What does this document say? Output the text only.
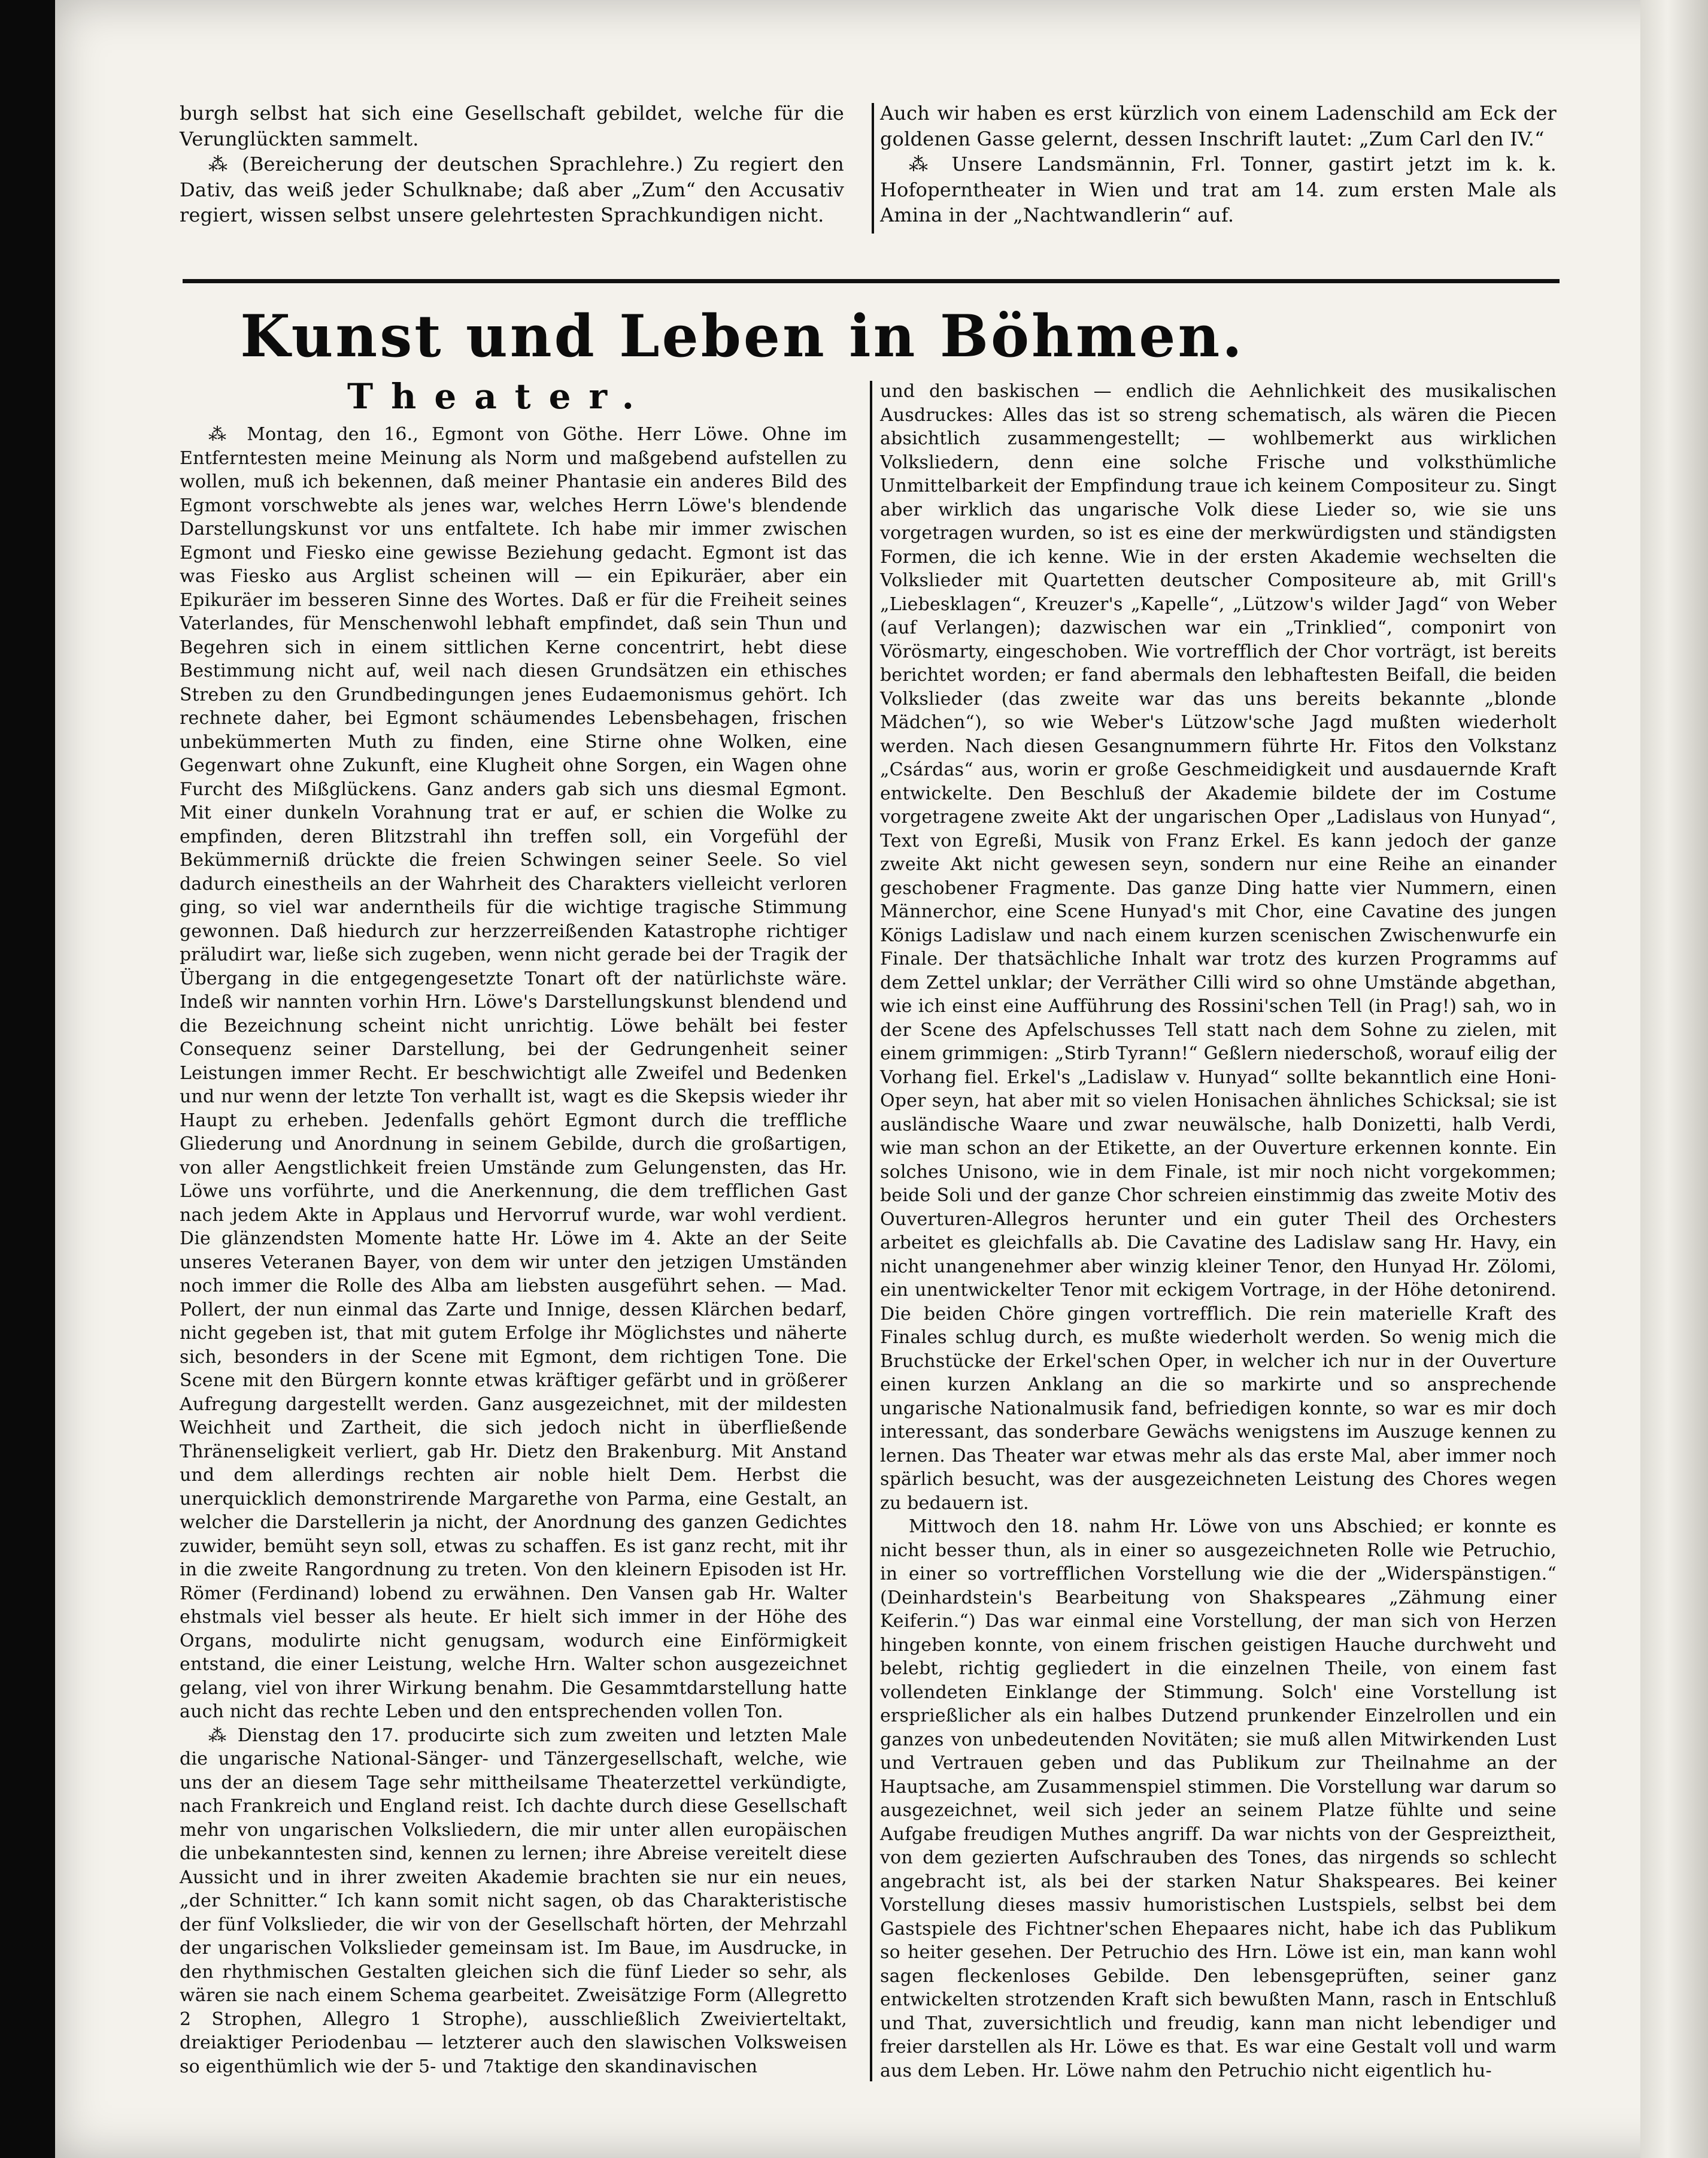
burgh selbst hat sich eine Gesellschaft gebildet, welche für die Verunglückten sammelt.

⁂ (Bereicherung der deutschen Sprachlehre.) Zu regiert den Dativ, das weiß jeder Schulknabe; daß aber „Zum“ den Accusativ regiert, wissen selbst unsere gelehrtesten Sprachkundigen nicht.

Auch wir haben es erst kürzlich von einem Ladenschild am Eck der goldenen Gasse gelernt, dessen Inschrift lautet: „Zum Carl den IV.“

⁂ Unsere Landsmännin, Frl. Tonner, gastirt jetzt im k. k. Hofoperntheater in Wien und trat am 14. zum ersten Male als Amina in der „Nachtwandlerin“ auf.

Kunst und Leben in Böhmen.
Theater.

⁂ Montag, den 16., Egmont von Göthe. Herr Löwe. Ohne im Entferntesten meine Meinung als Norm und maßgebend aufstellen zu wollen, muß ich bekennen, daß meiner Phantasie ein anderes Bild des Egmont vorschwebte als jenes war, welches Herrn Löwe's blendende Darstellungskunst vor uns entfaltete. Ich habe mir immer zwischen Egmont und Fiesko eine gewisse Beziehung gedacht. Egmont ist das was Fiesko aus Arglist scheinen will — ein Epikuräer, aber ein Epikuräer im besseren Sinne des Wortes. Daß er für die Freiheit seines Vaterlandes, für Menschenwohl lebhaft empfindet, daß sein Thun und Begehren sich in einem sittlichen Kerne concentrirt, hebt diese Bestimmung nicht auf, weil nach diesen Grundsätzen ein ethisches Streben zu den Grundbedingungen jenes Eudaemonismus gehört. Ich rechnete daher, bei Egmont schäumendes Lebensbehagen, frischen unbekümmerten Muth zu finden, eine Stirne ohne Wolken, eine Gegenwart ohne Zukunft, eine Klugheit ohne Sorgen, ein Wagen ohne Furcht des Mißglückens. Ganz anders gab sich uns diesmal Egmont. Mit einer dunkeln Vorahnung trat er auf, er schien die Wolke zu empfinden, deren Blitzstrahl ihn treffen soll, ein Vorgefühl der Bekümmerniß drückte die freien Schwingen seiner Seele. So viel dadurch einestheils an der Wahrheit des Charakters vielleicht verloren ging, so viel war anderntheils für die wichtige tragische Stimmung gewonnen. Daß hiedurch zur herzzerreißenden Katastrophe richtiger präludirt war, ließe sich zugeben, wenn nicht gerade bei der Tragik der Übergang in die entgegengesetzte Tonart oft der natürlichste wäre. Indeß wir nannten vorhin Hrn. Löwe's Darstellungskunst blendend und die Bezeichnung scheint nicht unrichtig. Löwe behält bei fester Consequenz seiner Darstellung, bei der Gedrungenheit seiner Leistungen immer Recht. Er beschwichtigt alle Zweifel und Bedenken und nur wenn der letzte Ton verhallt ist, wagt es die Skepsis wieder ihr Haupt zu erheben. Jedenfalls gehört Egmont durch die treffliche Gliederung und Anordnung in seinem Gebilde, durch die großartigen, von aller Aengstlichkeit freien Umstände zum Gelungensten, das Hr. Löwe uns vorführte, und die Anerkennung, die dem trefflichen Gast nach jedem Akte in Applaus und Hervorruf wurde, war wohl verdient. Die glänzendsten Momente hatte Hr. Löwe im 4. Akte an der Seite unseres Veteranen Bayer, von dem wir unter den jetzigen Umständen noch immer die Rolle des Alba am liebsten ausgeführt sehen. — Mad. Pollert, der nun einmal das Zarte und Innige, dessen Klärchen bedarf, nicht gegeben ist, that mit gutem Erfolge ihr Möglichstes und näherte sich, besonders in der Scene mit Egmont, dem richtigen Tone. Die Scene mit den Bürgern konnte etwas kräftiger gefärbt und in größerer Aufregung dargestellt werden. Ganz ausgezeichnet, mit der mildesten Weichheit und Zartheit, die sich jedoch nicht in überfließende Thränenseligkeit verliert, gab Hr. Dietz den Brakenburg. Mit Anstand und dem allerdings rechten air noble hielt Dem. Herbst die unerquicklich demonstrirende Margarethe von Parma, eine Gestalt, an welcher die Darstellerin ja nicht, der Anordnung des ganzen Gedichtes zuwider, bemüht seyn soll, etwas zu schaffen. Es ist ganz recht, mit ihr in die zweite Rangordnung zu treten. Von den kleinern Episoden ist Hr. Römer (Ferdinand) lobend zu erwähnen. Den Vansen gab Hr. Walter ehstmals viel besser als heute. Er hielt sich immer in der Höhe des Organs, modulirte nicht genugsam, wodurch eine Einförmigkeit entstand, die einer Leistung, welche Hrn. Walter schon ausgezeichnet gelang, viel von ihrer Wirkung benahm. Die Gesammtdarstellung hatte auch nicht das rechte Leben und den entsprechenden vollen Ton.

⁂ Dienstag den 17. producirte sich zum zweiten und letzten Male die ungarische National-Sänger- und Tänzergesellschaft, welche, wie uns der an diesem Tage sehr mittheilsame Theaterzettel verkündigte, nach Frankreich und England reist. Ich dachte durch diese Gesellschaft mehr von ungarischen Volksliedern, die mir unter allen europäischen die unbekanntesten sind, kennen zu lernen; ihre Abreise vereitelt diese Aussicht und in ihrer zweiten Akademie brachten sie nur ein neues, „der Schnitter.“ Ich kann somit nicht sagen, ob das Charakteristische der fünf Volkslieder, die wir von der Gesellschaft hörten, der Mehrzahl der ungarischen Volkslieder gemeinsam ist. Im Baue, im Ausdrucke, in den rhythmischen Gestalten gleichen sich die fünf Lieder so sehr, als wären sie nach einem Schema gearbeitet. Zweisätzige Form (Allegretto 2 Strophen, Allegro 1 Strophe), ausschließlich Zweivierteltakt, dreiaktiger Periodenbau — letzterer auch den slawischen Volksweisen so eigenthümlich wie der 5- und 7taktige den skandinavischen

und den baskischen — endlich die Aehnlichkeit des musikalischen Ausdruckes: Alles das ist so streng schematisch, als wären die Piecen absichtlich zusammengestellt; — wohlbemerkt aus wirklichen Volksliedern, denn eine solche Frische und volksthümliche Unmittelbarkeit der Empfindung traue ich keinem Compositeur zu. Singt aber wirklich das ungarische Volk diese Lieder so, wie sie uns vorgetragen wurden, so ist es eine der merkwürdigsten und ständigsten Formen, die ich kenne. Wie in der ersten Akademie wechselten die Volkslieder mit Quartetten deutscher Compositeure ab, mit Grill's „Liebesklagen“, Kreuzer's „Kapelle“, „Lützow's wilder Jagd“ von Weber (auf Verlangen); dazwischen war ein „Trinklied“, componirt von Vörösmarty, eingeschoben. Wie vortrefflich der Chor vorträgt, ist bereits berichtet worden; er fand abermals den lebhaftesten Beifall, die beiden Volkslieder (das zweite war das uns bereits bekannte „blonde Mädchen“), so wie Weber's Lützow'sche Jagd mußten wiederholt werden. Nach diesen Gesangnummern führte Hr. Fitos den Volkstanz „Csárdas“ aus, worin er große Geschmeidigkeit und ausdauernde Kraft entwickelte. Den Beschluß der Akademie bildete der im Costume vorgetragene zweite Akt der ungarischen Oper „Ladislaus von Hunyad“, Text von Egreßi, Musik von Franz Erkel. Es kann jedoch der ganze zweite Akt nicht gewesen seyn, sondern nur eine Reihe an einander geschobener Fragmente. Das ganze Ding hatte vier Nummern, einen Männerchor, eine Scene Hunyad's mit Chor, eine Cavatine des jungen Königs Ladislaw und nach einem kurzen scenischen Zwischenwurfe ein Finale. Der thatsächliche Inhalt war trotz des kurzen Programms auf dem Zettel unklar; der Verräther Cilli wird so ohne Umstände abgethan, wie ich einst eine Aufführung des Rossini'schen Tell (in Prag!) sah, wo in der Scene des Apfelschusses Tell statt nach dem Sohne zu zielen, mit einem grimmigen: „Stirb Tyrann!“ Geßlern niederschoß, worauf eilig der Vorhang fiel. Erkel's „Ladislaw v. Hunyad“ sollte bekanntlich eine Honi-Oper seyn, hat aber mit so vielen Honisachen ähnliches Schicksal; sie ist ausländische Waare und zwar neuwälsche, halb Donizetti, halb Verdi, wie man schon an der Etikette, an der Ouverture erkennen konnte. Ein solches Unisono, wie in dem Finale, ist mir noch nicht vorgekommen; beide Soli und der ganze Chor schreien einstimmig das zweite Motiv des Ouverturen-Allegros herunter und ein guter Theil des Orchesters arbeitet es gleichfalls ab. Die Cavatine des Ladislaw sang Hr. Havy, ein nicht unangenehmer aber winzig kleiner Tenor, den Hunyad Hr. Zölomi, ein unentwickelter Tenor mit eckigem Vortrage, in der Höhe detonirend. Die beiden Chöre gingen vortrefflich. Die rein materielle Kraft des Finales schlug durch, es mußte wiederholt werden. So wenig mich die Bruchstücke der Erkel'schen Oper, in welcher ich nur in der Ouverture einen kurzen Anklang an die so markirte und so ansprechende ungarische Nationalmusik fand, befriedigen konnte, so war es mir doch interessant, das sonderbare Gewächs wenigstens im Auszuge kennen zu lernen. Das Theater war etwas mehr als das erste Mal, aber immer noch spärlich besucht, was der ausgezeichneten Leistung des Chores wegen zu bedauern ist.

Mittwoch den 18. nahm Hr. Löwe von uns Abschied; er konnte es nicht besser thun, als in einer so ausgezeichneten Rolle wie Petruchio, in einer so vortrefflichen Vorstellung wie die der „Widerspänstigen.“ (Deinhardstein's Bearbeitung von Shakspeares „Zähmung einer Keiferin.“) Das war einmal eine Vorstellung, der man sich von Herzen hingeben konnte, von einem frischen geistigen Hauche durchweht und belebt, richtig gegliedert in die einzelnen Theile, von einem fast vollendeten Einklange der Stimmung. Solch' eine Vorstellung ist ersprießlicher als ein halbes Dutzend prunkender Einzelrollen und ein ganzes von unbedeutenden Novitäten; sie muß allen Mitwirkenden Lust und Vertrauen geben und das Publikum zur Theilnahme an der Hauptsache, am Zusammenspiel stimmen. Die Vorstellung war darum so ausgezeichnet, weil sich jeder an seinem Platze fühlte und seine Aufgabe freudigen Muthes angriff. Da war nichts von der Gespreiztheit, von dem gezierten Aufschrauben des Tones, das nirgends so schlecht angebracht ist, als bei der starken Natur Shakspeares. Bei keiner Vorstellung dieses massiv humoristischen Lustspiels, selbst bei dem Gastspiele des Fichtner'schen Ehepaares nicht, habe ich das Publikum so heiter gesehen. Der Petruchio des Hrn. Löwe ist ein, man kann wohl sagen fleckenloses Gebilde. Den lebensgeprüften, seiner ganz entwickelten strotzenden Kraft sich bewußten Mann, rasch in Entschluß und That, zuversichtlich und freudig, kann man nicht lebendiger und freier darstellen als Hr. Löwe es that. Es war eine Gestalt voll und warm aus dem Leben. Hr. Löwe nahm den Petruchio nicht eigentlich hu-
